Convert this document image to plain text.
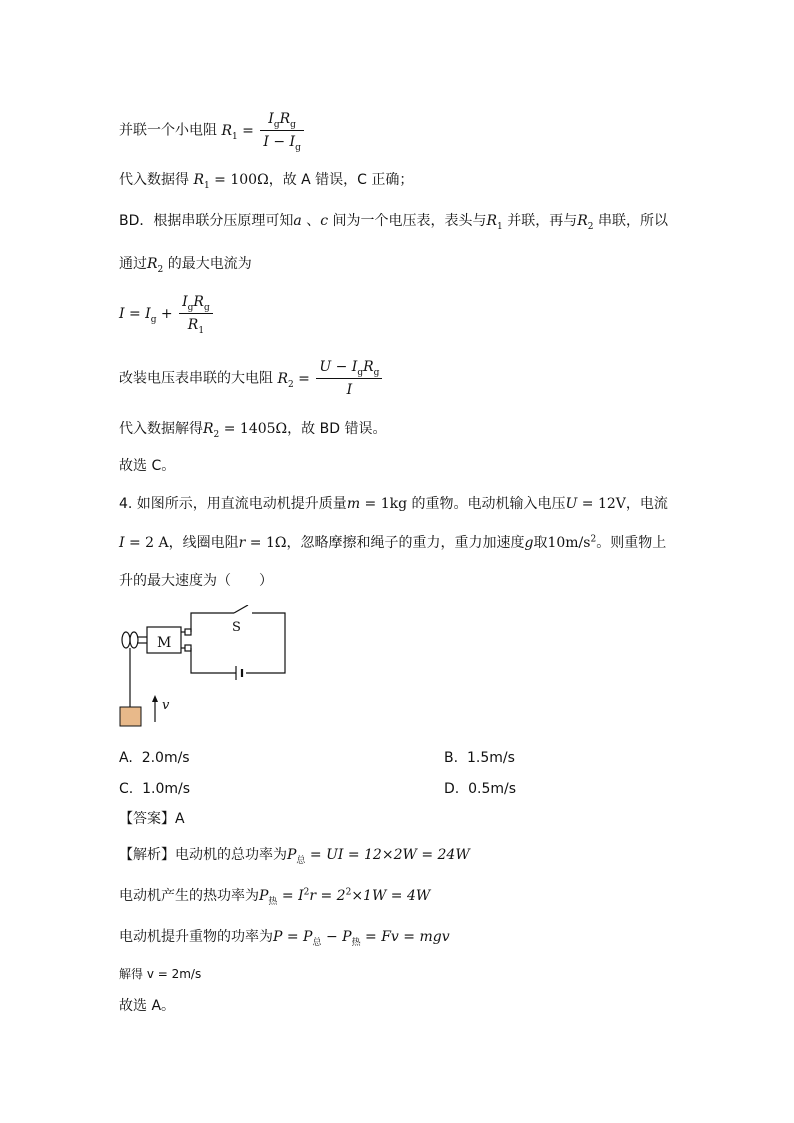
并联一个小电阻 $R_1 = \frac{I_gR_g}{I - I_g}$
代入数据得 $R_1 = 100\Omega$，故 A 错误，C 正确；
BD．根据串联分压原理可知a 、c 间为一个电压表，表头与$R_1$ 并联，再与$R_2$ 串联，所以
通过$R_2$ 的最大电流为
$I = I_g + \frac{I_gR_g}{R_1}$
改装电压表串联的大电阻 $R_2 = \frac{U - I_gR_g}{I}$
代入数据解得$R_2 = 1405\Omega$，故 BD 错误。
故选 C。
4. 如图所示，用直流电动机提升质量m = 1kg 的重物。电动机输入电压U = 12V，电流
I = 2 A，线圈电阻r = 1Ω，忽略摩擦和绳子的重力，重力加速度g取$10m/s^2$。则重物上
升的最大速度为（　　）
M
S
v
A. 2.0m/s	B. 1.5m/s
C. 1.0m/s	D. 0.5m/s
【答案】A
【解析】电动机的总功率为$P_总$ = UI = 12×2W = 24W
电动机产生的热功率为$P_热 = I^2r = 2^2\times 1W = 4W$
电动机提升重物的功率为$P = P_总 - P_热 = Fv$ = mgv
解得 v = 2m/s
故选 A。
